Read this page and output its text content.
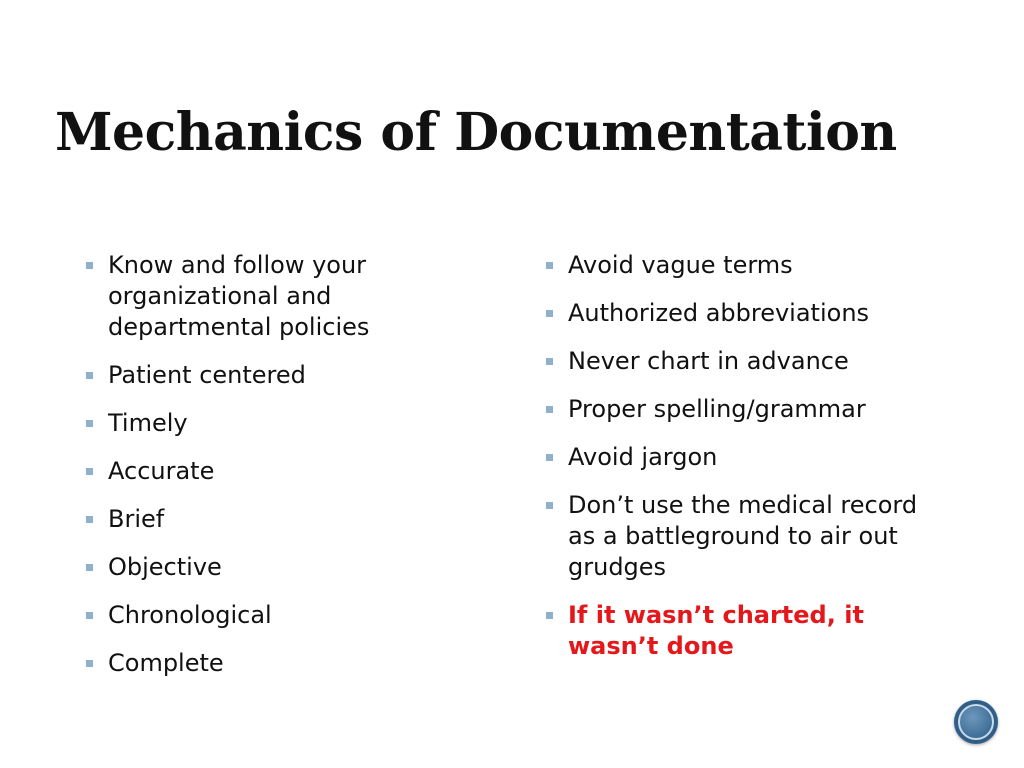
Mechanics of Documentation
Know and follow your organizational and departmental policies
Patient centered
Timely
Accurate
Brief
Objective
Chronological
Complete
Avoid vague terms
Authorized abbreviations
Never chart in advance
Proper spelling/grammar
Avoid jargon
Don’t use the medical record as a battleground to air out grudges
If it wasn’t charted, it wasn’t done
